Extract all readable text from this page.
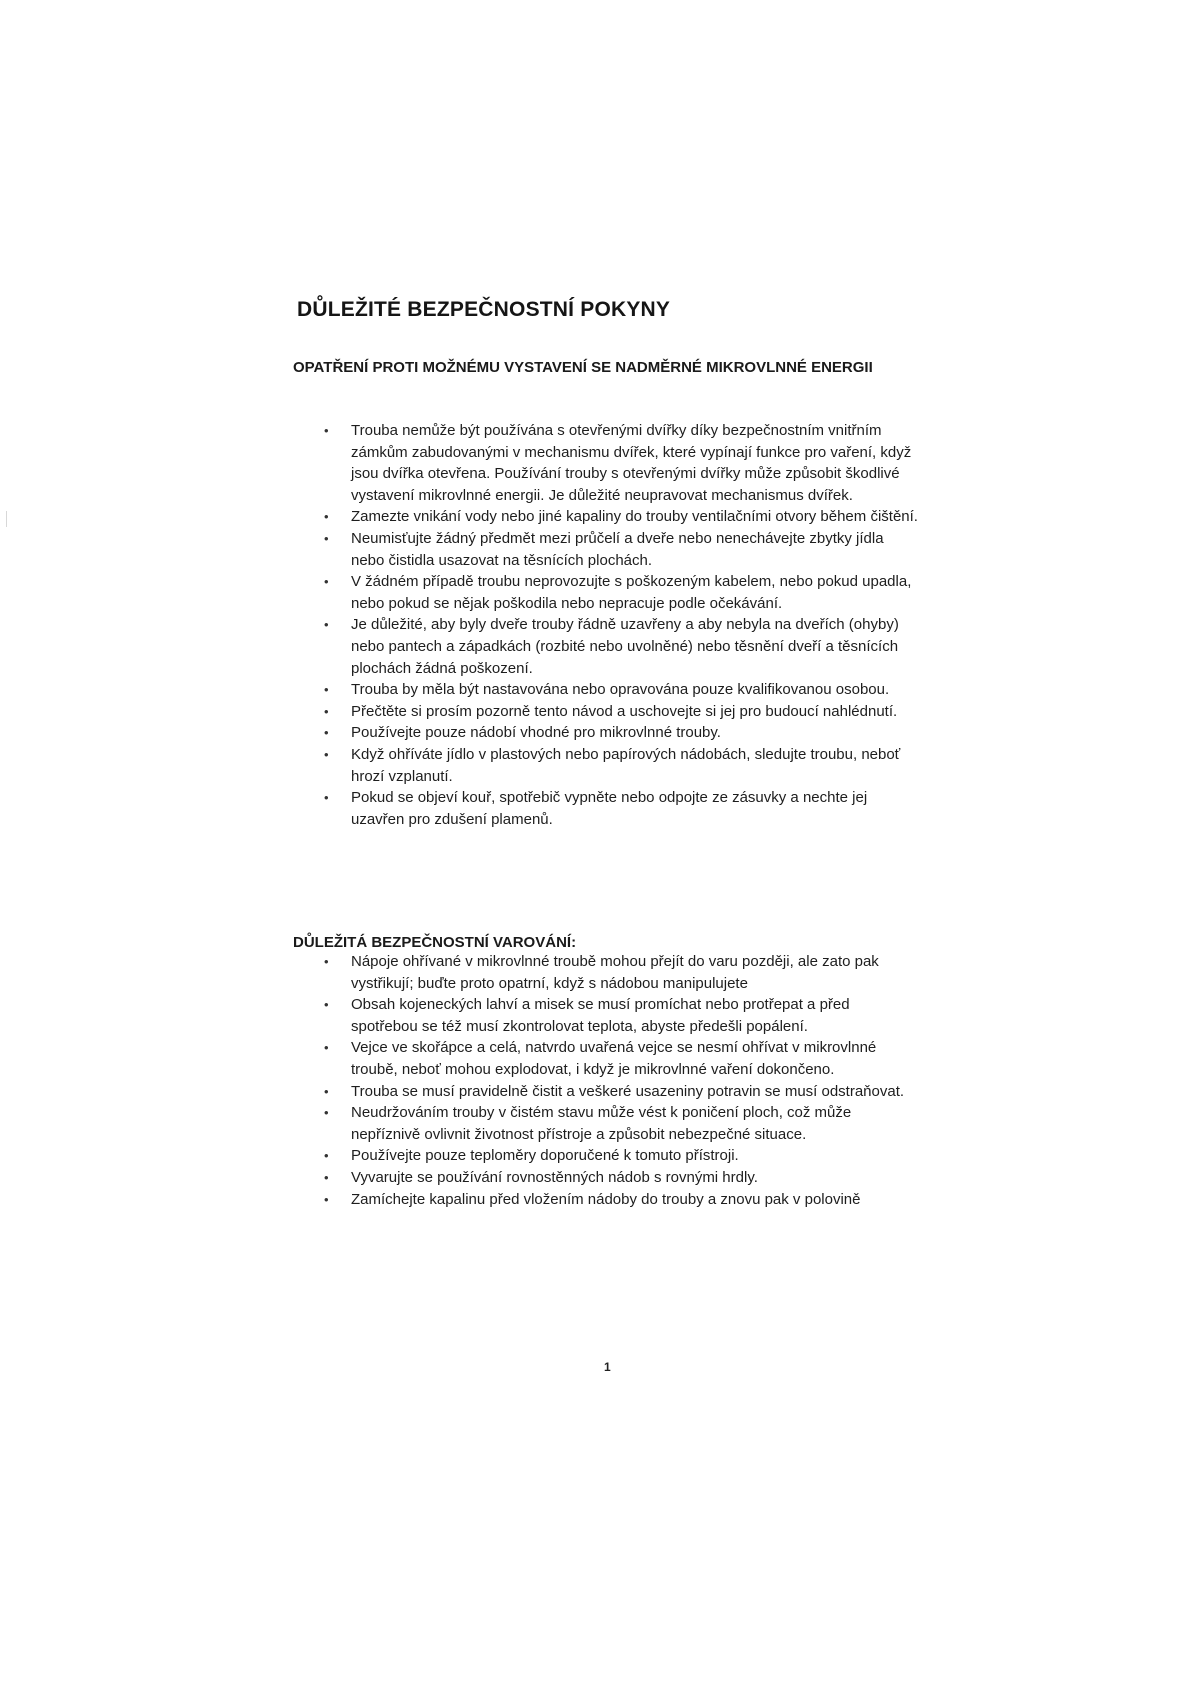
DŮLEŽITÉ BEZPEČNOSTNÍ POKYNY
OPATŘENÍ PROTI MOŽNÉMU VYSTAVENÍ SE NADMĚRNÉ MIKROVLNNÉ ENERGII
• Trouba nemůže být používána s otevřenými dvířky díky bezpečnostním vnitřním zámkům zabudovanými v mechanismu dvířek, které vypínají funkce pro vaření, když jsou dvířka otevřena. Používání trouby s otevřenými dvířky může způsobit škodlivé vystavení mikrovlnné energii. Je důležité neupravovat mechanismus dvířek.
• Zamezte vnikání vody nebo jiné kapaliny do trouby ventilačními otvory během čištění.
• Neumisťujte žádný předmět mezi průčelí a dveře nebo nenechávejte zbytky jídla nebo čistidla usazovat na těsnících plochách.
• V žádném případě troubu neprovozujte s poškozeným kabelem, nebo pokud upadla, nebo pokud se nějak poškodila nebo nepracuje podle očekávání.
• Je důležité, aby byly dveře trouby řádně uzavřeny a aby nebyla na dveřích (ohyby) nebo pantech a západkách (rozbité nebo uvolněné) nebo těsnění dveří a těsnících plochách žádná poškození.
• Trouba by měla být nastavována nebo opravována pouze kvalifikovanou osobou.
• Přečtěte si prosím pozorně tento návod a uschovejte si jej pro budoucí nahlédnutí.
• Používejte pouze nádobí vhodné pro mikrovlnné trouby.
• Když ohříváte jídlo v plastových nebo papírových nádobách, sledujte troubu, neboť hrozí vzplanutí.
• Pokud se objeví kouř, spotřebič vypněte nebo odpojte ze zásuvky a nechte jej uzavřen pro zdušení plamenů.
DŮLEŽITÁ BEZPEČNOSTNÍ VAROVÁNÍ:
• Nápoje ohřívané v mikrovlnné troubě mohou přejít do varu později, ale zato pak vystřikují; buďte proto opatrní, když s nádobou manipulujete
• Obsah kojeneckých lahví a misek se musí promíchat nebo protřepat a před spotřebou se též musí zkontrolovat teplota, abyste předešli popálení.
• Vejce ve skořápce a celá, natvrdo uvařená vejce se nesmí ohřívat v mikrovlnné troubě, neboť mohou explodovat, i když je mikrovlnné vaření dokončeno.
• Trouba se musí pravidelně čistit a veškeré usazeniny potravin se musí odstraňovat.
• Neudržováním trouby v čistém stavu může vést k poničení ploch, což může nepříznivě ovlivnit životnost přístroje a způsobit nebezpečné situace.
• Používejte pouze teploměry doporučené k tomuto přístroji.
• Vyvarujte se používání rovnostěnných nádob s rovnými hrdly.
• Zamíchejte kapalinu před vložením nádoby do trouby a znovu pak v polovině
1
